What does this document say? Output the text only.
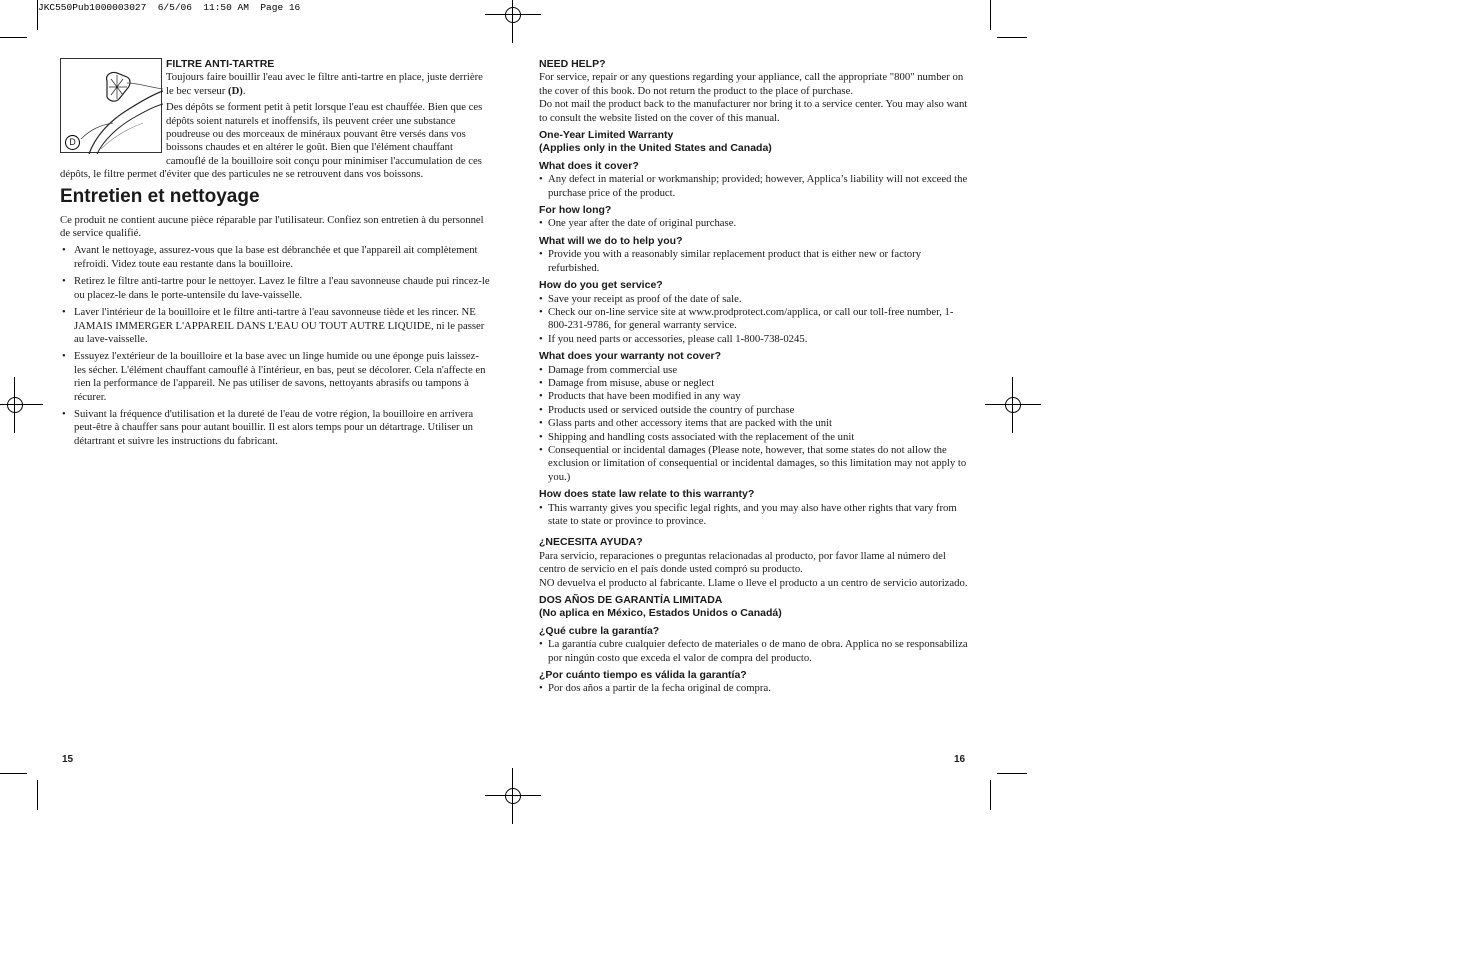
JKC550Pub1000003027  6/5/06  11:50 AM  Page 16
D

FILTRE ANTI-TARTRE

Toujours faire bouillir l'eau avec le filtre anti-tartre en place, juste derrière le bec verseur (D).

Des dépôts se forment petit à petit lorsque l'eau est chauffée. Bien que ces dépôts soient naturels et inoffensifs, ils peuvent créer une substance poudreuse ou des morceaux de minéraux pouvant être versés dans vos boissons chaudes et en altérer le goût. Bien que l'élément chauffant camouflé de la bouilloire soit conçu pour minimiser l'accumulation de ces dépôts, le filtre permet d'éviter que des particules ne se retrouvent dans vos boissons.

Entretien et nettoyage

Ce produit ne contient aucune pièce réparable par l'utilisateur. Confiez son entretien à du personnel de service qualifié.

• Avant le nettoyage, assurez-vous que la base est débranchée et que l'appareil ait complètement refroidi. Videz toute eau restante dans la bouilloire.
• Retirez le filtre anti-tartre pour le nettoyer. Lavez le filtre a l'eau savonneuse chaude pui rincez-le ou placez-le dans le porte-untensile du lave-vaisselle.
• Laver l'intérieur de la bouilloire et le filtre anti-tartre à l'eau savonneuse tiède et les rincer. NE JAMAIS IMMERGER L'APPAREIL DANS L'EAU OU TOUT AUTRE LIQUIDE, ni le passer au lave-vaisselle.
• Essuyez l'extérieur de la bouilloire et la base avec un linge humide ou une éponge puis laissez-les sécher. L'élément chauffant camouflé à l'intérieur, en bas, peut se décolorer. Cela n'affecte en rien la performance de l'appareil. Ne pas utiliser de savons, nettoyants abrasifs ou tampons à récurer.
• Suivant la fréquence d'utilisation et la dureté de l'eau de votre région, la bouilloire en arrivera peut-être à chauffer sans pour autant bouillir. Il est alors temps pour un détartrage. Utiliser un détartrant et suivre les instructions du fabricant.
15

NEED HELP?

For service, repair or any questions regarding your appliance, call the appropriate "800" number on the cover of this book. Do not return the product to the place of purchase.

Do not mail the product back to the manufacturer nor bring it to a service center. You may also want to consult the website listed on the cover of this manual.

One-Year Limited Warranty

(Applies only in the United States and Canada)

What does it cover?

• Any defect in material or workmanship; provided; however, Applica’s liability will not exceed the purchase price of the product.

For how long?

• One year after the date of original purchase.

What will we do to help you?

• Provide you with a reasonably similar replacement product that is either new or factory refurbished.

How do you get service?

• Save your receipt as proof of the date of sale.
• Check our on-line service site at www.prodprotect.com/applica, or call our toll-free number, 1-800-231-9786, for general warranty service.
• If you need parts or accessories, please call 1-800-738-0245.

What does your warranty not cover?

• Damage from commercial use
• Damage from misuse, abuse or neglect
• Products that have been modified in any way
• Products used or serviced outside the country of purchase
• Glass parts and other accessory items that are packed with the unit
• Shipping and handling costs associated with the replacement of the unit
• Consequential or incidental damages (Please note, however, that some states do not allow the exclusion or limitation of consequential or incidental damages, so this limitation may not apply to you.)

How does state law relate to this warranty?

• This warranty gives you specific legal rights, and you may also have other rights that vary from state to state or province to province.

¿NECESITA AYUDA?

Para servicio, reparaciones o preguntas relacionadas al producto, por favor llame al número del centro de servicio en el país donde usted compró su producto.

NO devuelva el producto al fabricante. Llame o lleve el producto a un centro de servicio autorizado.

DOS AÑOS DE GARANTÍA LIMITADA

(No aplica en México, Estados Unidos o Canadá)

¿Qué cubre la garantía?

• La garantía cubre cualquier defecto de materiales o de mano de obra. Applica no se responsabiliza por ningún costo que exceda el valor de compra del producto.

¿Por cuánto tiempo es válida la garantía?

• Por dos años a partir de la fecha original de compra.
16
